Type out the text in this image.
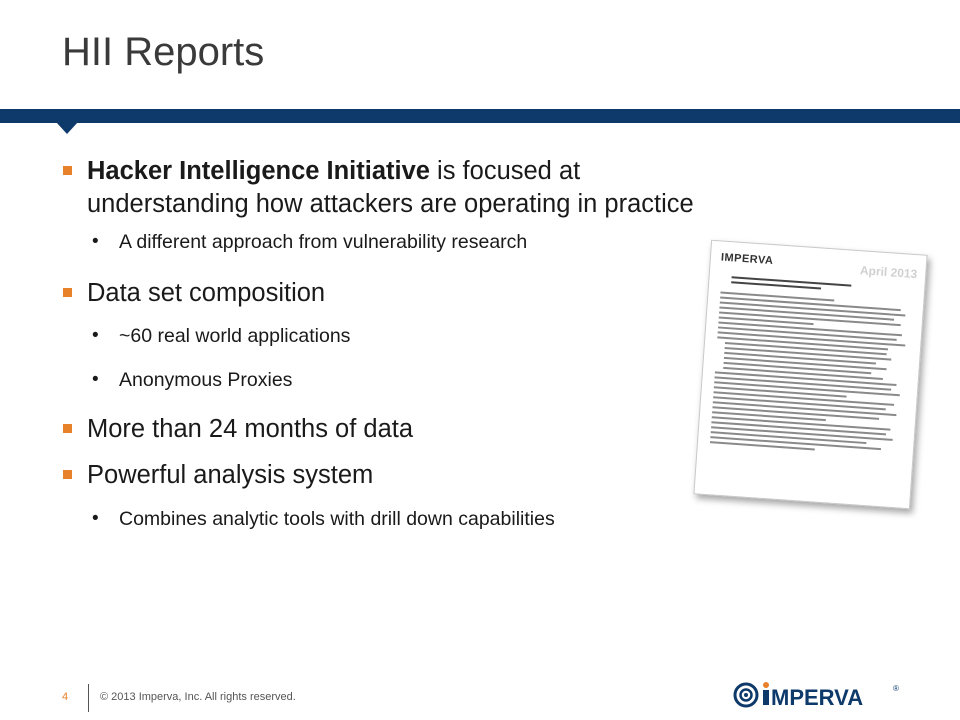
HII Reports
Hacker Intelligence Initiative is focused at
understanding how attackers are operating in practice
• A different approach from vulnerability research
Data set composition
• ~60 real world applications
• Anonymous Proxies
More than 24 months of data
Powerful analysis system
• Combines analytic tools with drill down capabilities
IMPERVA
April 2013
4	© 2013 Imperva, Inc. All rights reserved.	MPERVA	®
